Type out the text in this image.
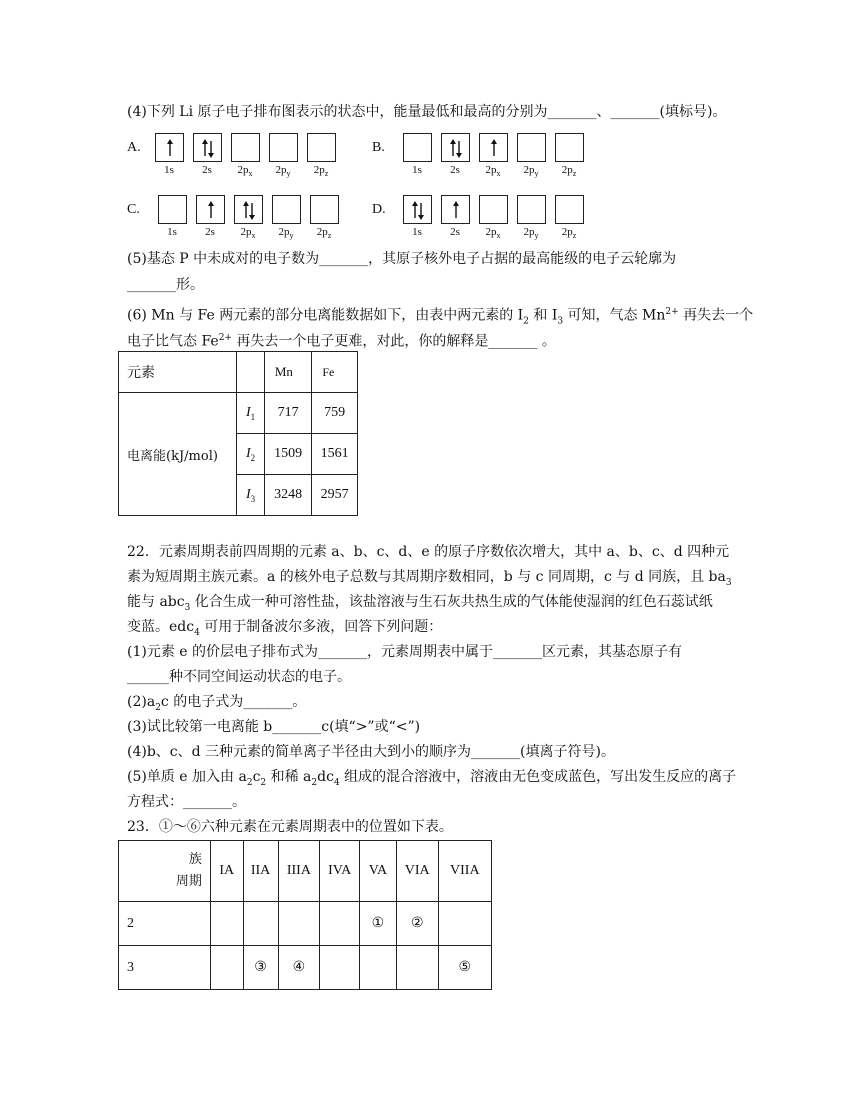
(4)下列 Li 原子电子排布图表示的状态中，能量最低和最高的分别为_______、_______(填标号)。
A.
1s	2s	$2p_x$	$2p_y$	$2p_z$
B.
1s	2s	$2p_x$	$2p_y$	$2p_z$
C.
1s	2s	$2p_x$	$2p_y$	$2p_z$
D.
1s	2s	$2p_x$	$2p_y$	$2p_z$
(5)基态 P 中未成对的电子数为_______，其原子核外电子占据的最高能级的电子云轮廓为
_______形。
(6) Mn 与 Fe 两元素的部分电离能数据如下，由表中两元素的 $I_2$ 和 $I_3$ 可知，气态 $Mn^{2+}$ 再失去一个
电子比气态 $Fe^{2+}$ 再失去一个电子更难，对此，你的解释是_______ 。
元素		Mn	Fe
电离能(kJ/mol)	$I_1$	717	759
	$I_2$	1509	1561
	$I_3$	3248	2957
22．元素周期表前四周期的元素 a、b、c、d、e 的原子序数依次增大，其中 a、b、c、d 四种元
素为短周期主族元素。a 的核外电子总数与其周期序数相同，b 与 c 同周期，c 与 d 同族，且 $ba_3$
能与 abc$_3$ 化合生成一种可溶性盐，该盐溶液与生石灰共热生成的气体能使湿润的红色石蕊试纸
变蓝。edc$_4$ 可用于制备波尔多液，回答下列问题：
(1)元素 e 的价层电子排布式为_______，元素周期表中属于_______区元素，其基态原子有
______种不同空间运动状态的电子。
$(2)a_2c$ 的电子式为_______。
(3)试比较第一电离能 b_______c(填“>”或“<”)
(4)b、c、d 三种元素的简单离子半径由大到小的顺序为_______(填离子符号)。
(5)单质 e 加入由 $a_2c_2$ 和稀 $a_2dc_4$ 组成的混合溶液中，溶液由无色变成蓝色，写出发生反应的离子
方程式：_______。
23．①～⑥六种元素在元素周期表中的位置如下表。
族
周期	IA	IIA	IIIA	IVA	VA	VIA	VIIA
2					①	②	
3		③	④				⑤
